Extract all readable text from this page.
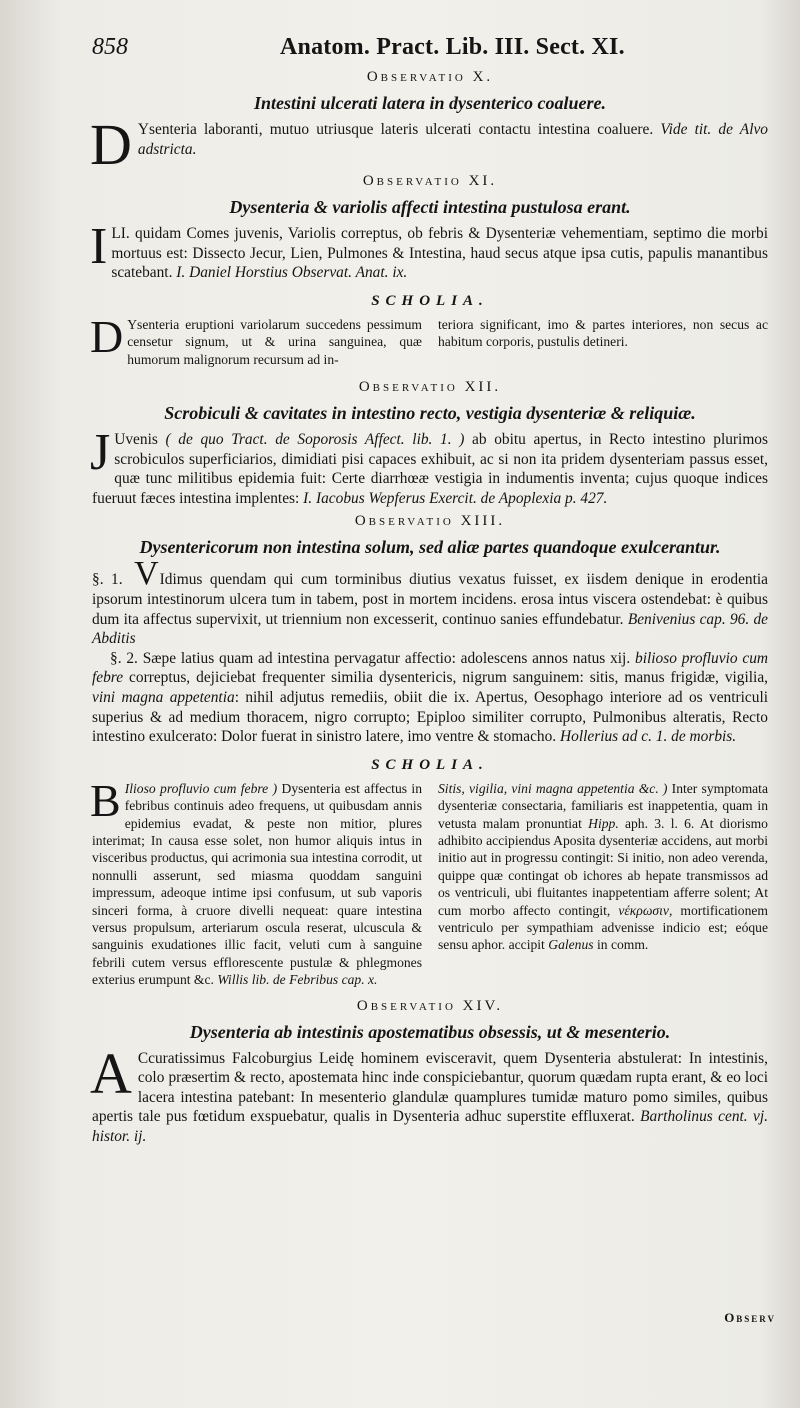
858	Anatom. Pract. Lib. III. Sect. XI.

Observatio X.

Intestini ulcerati latera in dysenterico coaluere.

D Ysenteria laboranti, mutuo utriusque lateris ulcerati contactu intestina coaluere. Vide tit. de Alvo adstricta.

Observatio XI.

Dysenteria & variolis affecti intestina pustulosa erant.

ILI. quidam Comes juvenis, Variolis correptus, ob febris & Dysenteriæ vehementiam, septimo die morbi mortuus est: Dissecto Jecur, Lien, Pulmones & Intestina, haud secus atque ipsa cutis, papulis manantibus scatebant. I. Daniel Horstius Observat. Anat. ix.

SCHOLIA.

D Ysenteria eruptioni variolarum succedens pessimum censetur signum, ut & urina sanguinea, quæ humorum malignorum recursum ad in-
teriora significant, imo & partes interiores, non secus ac habitum corporis, pustulis detineri.

Observatio XII.

Scrobiculi & cavitates in intestino recto, vestigia dysenteriæ & reliquiæ.

J Uvenis ( de quo Tract. de Soporosis Affect. lib. 1. ) ab obitu apertus, in Recto intestino plurimos scrobiculos superficiarios, dimidiati pisi capaces exhibuit, ac si non ita pridem dysenteriam passus esset, quæ tunc militibus epidemia fuit: Certe diarrhœæ vestigia in indumentis inventa; cujus quoque indices fueruut fæces intestina implentes: I. Iacobus Wepferus Exercit. de Apoplexia p. 427.

Observatio XIII.

Dysentericorum non intestina solum, sed aliæ partes quandoque exulcerantur.

§. 1. VIdimus quendam qui cum torminibus diutius vexatus fuisset, ex iisdem denique in erodentia ipsorum intestinorum ulcera tum in tabem, post in mortem incidens. erosa intus viscera ostendebat: è quibus dum ita affectus supervixit, ut triennium non excesserit, continuo sanies effundebatur. Benivenius cap. 96. de Abditis

§. 2. Sæpe latius quam ad intestina pervagatur affectio: adolescens annos natus xij. bilioso profluvio cum febre correptus, dejiciebat frequenter similia dysentericis, nigrum sanguinem: sitis, manus frigidæ, vigilia, vini magna appetentia: nihil adjutus remediis, obiit die ix. Apertus, Oesophago interiore ad os ventriculi superius & ad medium thoracem, nigro corrupto; Epiploo similiter corrupto, Pulmonibus alteratis, Recto intestino exulcerato: Dolor fuerat in sinistro latere, imo ventre & stomacho. Hollerius ad c. 1. de morbis.

SCHOLIA.

B Ilioso profluvio cum febre ) Dysenteria est affectus in febribus continuis adeo frequens, ut quibusdam annis epidemius evadat, & peste non mitior, plures interimat; In causa esse solet, non humor aliquis intus in visceribus productus, qui acrimonia sua intestina corrodit, ut nonnulli asserunt, sed miasma quoddam sanguini impressum, adeoque intime ipsi confusum, ut sub vaporis sinceri forma, à cruore divelli nequeat: quare intestina versus propulsum, arteriarum oscula reserat, ulcuscula & sanguinis exudationes illic facit, veluti cum à sanguine febrili cutem versus efflorescente pustulæ & phlegmones exterius erumpunt &c. Willis lib. de Febribus cap. x.
Sitis, vigilia, vini magna appetentia &c. ) Inter symptomata dysenteriæ consectaria, familiaris est inappetentia, quam in vetusta malam pronuntiat Hipp. aph. 3. l. 6. At diorismo adhibito accipiendus Aposita dysenteriæ accidens, aut morbi initio aut in progressu contingit: Si initio, non adeo verenda, quippe quæ contingat ob ichores ab hepate transmissos ad os ventriculi, ubi fluitantes inappetentiam afferre solent; At cum morbo affecto contingit, νέκρωσιν, mortificationem ventriculo per sympathiam advenisse indicio est; eóque sensu aphor. accipit Galenus in comm.

Observatio XIV.

Dysenteria ab intestinis apostematibus obsessis, ut & mesenterio.

A Ccuratissimus Falcoburgius Leidę hominem evisceravit, quem Dysenteria abstulerat: In intestinis, colo præsertim & recto, apostemata hinc inde conspiciebantur, quorum quædam rupta erant, & eo loci lacera intestina patebant: In mesenterio glandulæ quamplures tumidæ maturo pomo similes, quibus apertis tale pus fœtidum exspuebatur, qualis in Dysenteria adhuc superstite effluxerat. Bartholinus cent. vj. histor. ij.

Observ
